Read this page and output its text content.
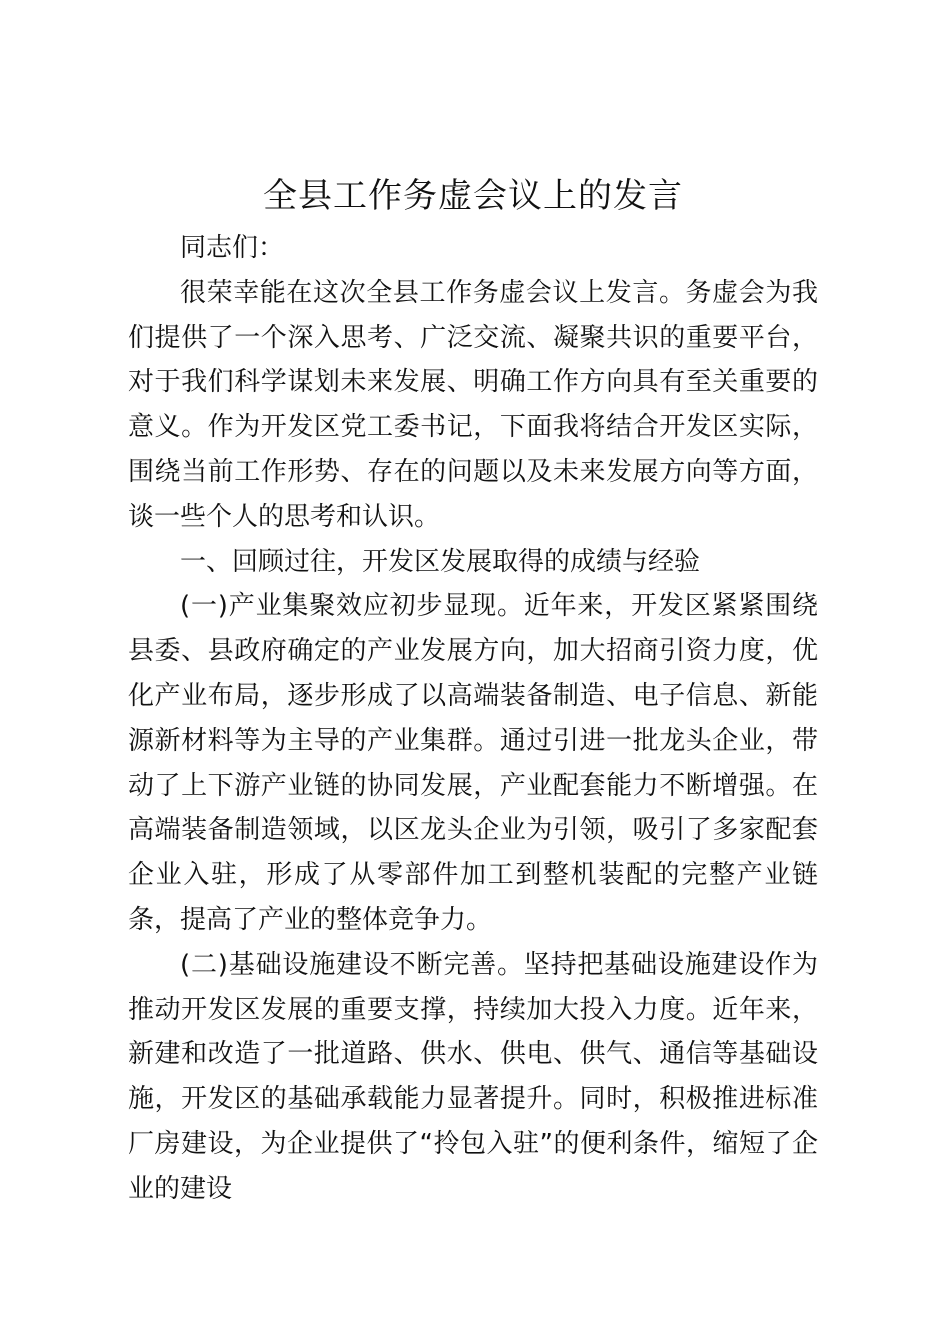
全县工作务虚会议上的发言

同志们：

很荣幸能在这次全县工作务虚会议上发言。务虚会为我们提供了一个深入思考、广泛交流、凝聚共识的重要平台，对于我们科学谋划未来发展、明确工作方向具有至关重要的意义。作为开发区党工委书记，下面我将结合开发区实际，围绕当前工作形势、存在的问题以及未来发展方向等方面，谈一些个人的思考和认识。

一、回顾过往，开发区发展取得的成绩与经验

(一)产业集聚效应初步显现。近年来，开发区紧紧围绕县委、县政府确定的产业发展方向，加大招商引资力度，优化产业布局，逐步形成了以高端装备制造、电子信息、新能源新材料等为主导的产业集群。通过引进一批龙头企业，带动了上下游产业链的协同发展，产业配套能力不断增强。在高端装备制造领域，以区龙头企业为引领，吸引了多家配套企业入驻，形成了从零部件加工到整机装配的完整产业链条，提高了产业的整体竞争力。

(二)基础设施建设不断完善。坚持把基础设施建设作为推动开发区发展的重要支撑，持续加大投入力度。近年来，新建和改造了一批道路、供水、供电、供气、通信等基础设施，开发区的基础承载能力显著提升。同时，积极推进标准厂房建设，为企业提供了“拎包入驻”的便利条件，缩短了企业的建设
